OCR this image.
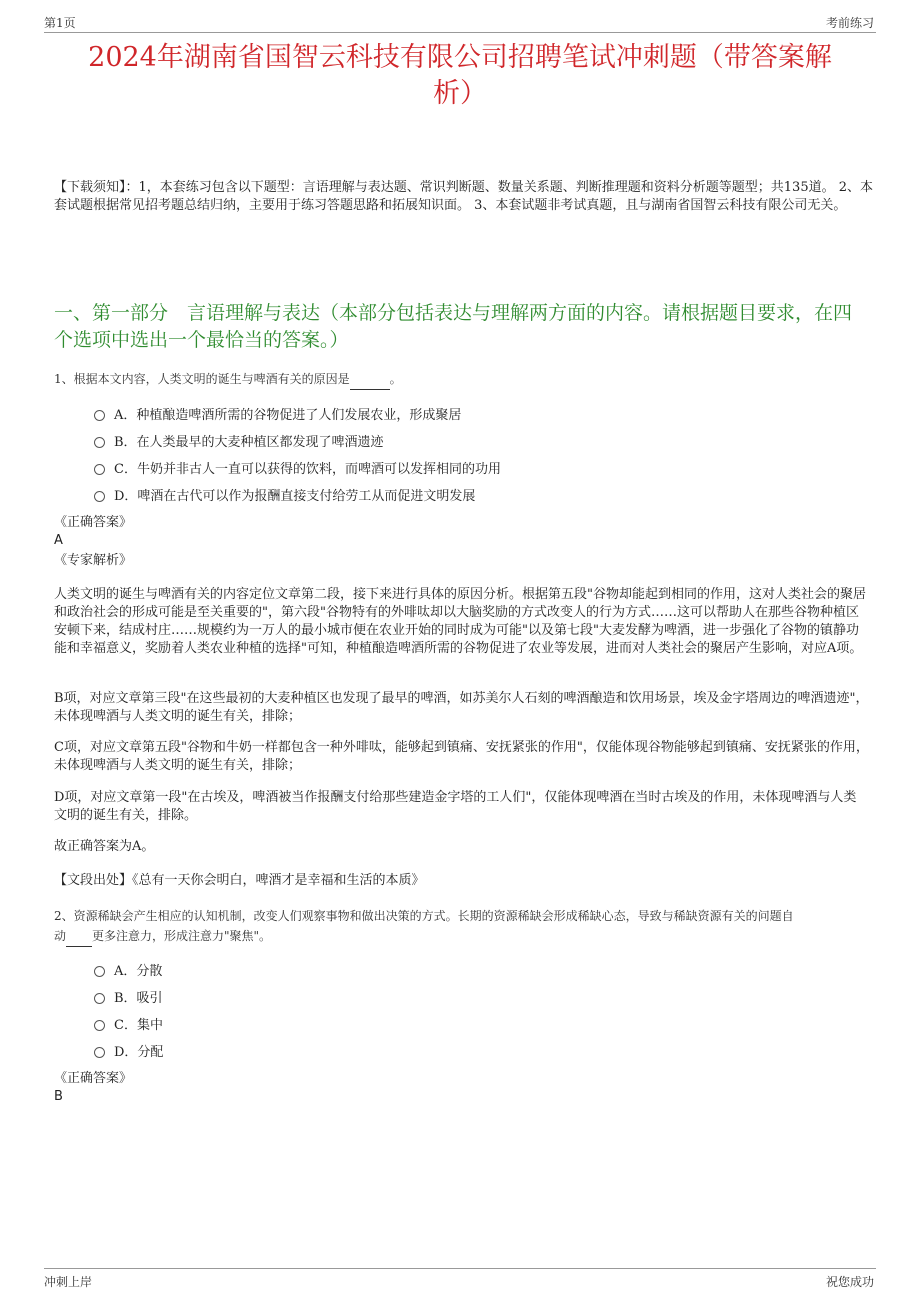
第1页	考前练习
2024年湖南省国智云科技有限公司招聘笔试冲刺题（带答案解
析）
【下载须知】：1，本套练习包含以下题型：言语理解与表达题、常识判断题、数量关系题、判断推理题和资料分析题等题型；共135道。 2、本套试题根据常见招考题总结归纳，主要用于练习答题思路和拓展知识面。 3、本套试题非考试真题，且与湖南省国智云科技有限公司无关。
一、第一部分　言语理解与表达（本部分包括表达与理解两方面的内容。请根据题目要求，在四个选项中选出一个最恰当的答案。）
1、根据本文内容，人类文明的诞生与啤酒有关的原因是	。
A．种植酿造啤酒所需的谷物促进了人们发展农业，形成聚居
B．在人类最早的大麦种植区都发现了啤酒遗迹
C．牛奶并非古人一直可以获得的饮料，而啤酒可以发挥相同的功用
D．啤酒在古代可以作为报酬直接支付给劳工从而促进文明发展
《正确答案》
A
《专家解析》
人类文明的诞生与啤酒有关的内容定位文章第二段，接下来进行具体的原因分析。根据第五段"谷物却能起到相同的作用，这对人类社会的聚居和政治社会的形成可能是至关重要的"，第六段"谷物特有的外啡呔却以大脑奖励的方式改变人的行为方式……这可以帮助人在那些谷物种植区安顿下来，结成村庄……规模约为一万人的最小城市便在农业开始的同时成为可能"以及第七段"大麦发酵为啤酒，进一步强化了谷物的镇静功能和幸福意义，奖励着人类农业种植的选择"可知，种植酿造啤酒所需的谷物促进了农业等发展，进而对人类社会的聚居产生影响，对应A项。
B项，对应文章第三段"在这些最初的大麦种植区也发现了最早的啤酒，如苏美尔人石刻的啤酒酿造和饮用场景，埃及金字塔周边的啤酒遗迹"，未体现啤酒与人类文明的诞生有关，排除；
C项，对应文章第五段"谷物和牛奶一样都包含一种外啡呔，能够起到镇痛、安抚紧张的作用"，仅能体现谷物能够起到镇痛、安抚紧张的作用，未体现啤酒与人类文明的诞生有关，排除；
D项，对应文章第一段"在古埃及，啤酒被当作报酬支付给那些建造金字塔的工人们"，仅能体现啤酒在当时古埃及的作用，未体现啤酒与人类文明的诞生有关，排除。
故正确答案为A。
【文段出处】《总有一天你会明白，啤酒才是幸福和生活的本质》
2、资源稀缺会产生相应的认知机制，改变人们观察事物和做出决策的方式。长期的资源稀缺会形成稀缺心态，导致与稀缺资源有关的问题自
动 更多注意力，形成注意力"聚焦"。
A．分散
B．吸引
C．集中
D．分配
《正确答案》
B
冲刺上岸	祝您成功
